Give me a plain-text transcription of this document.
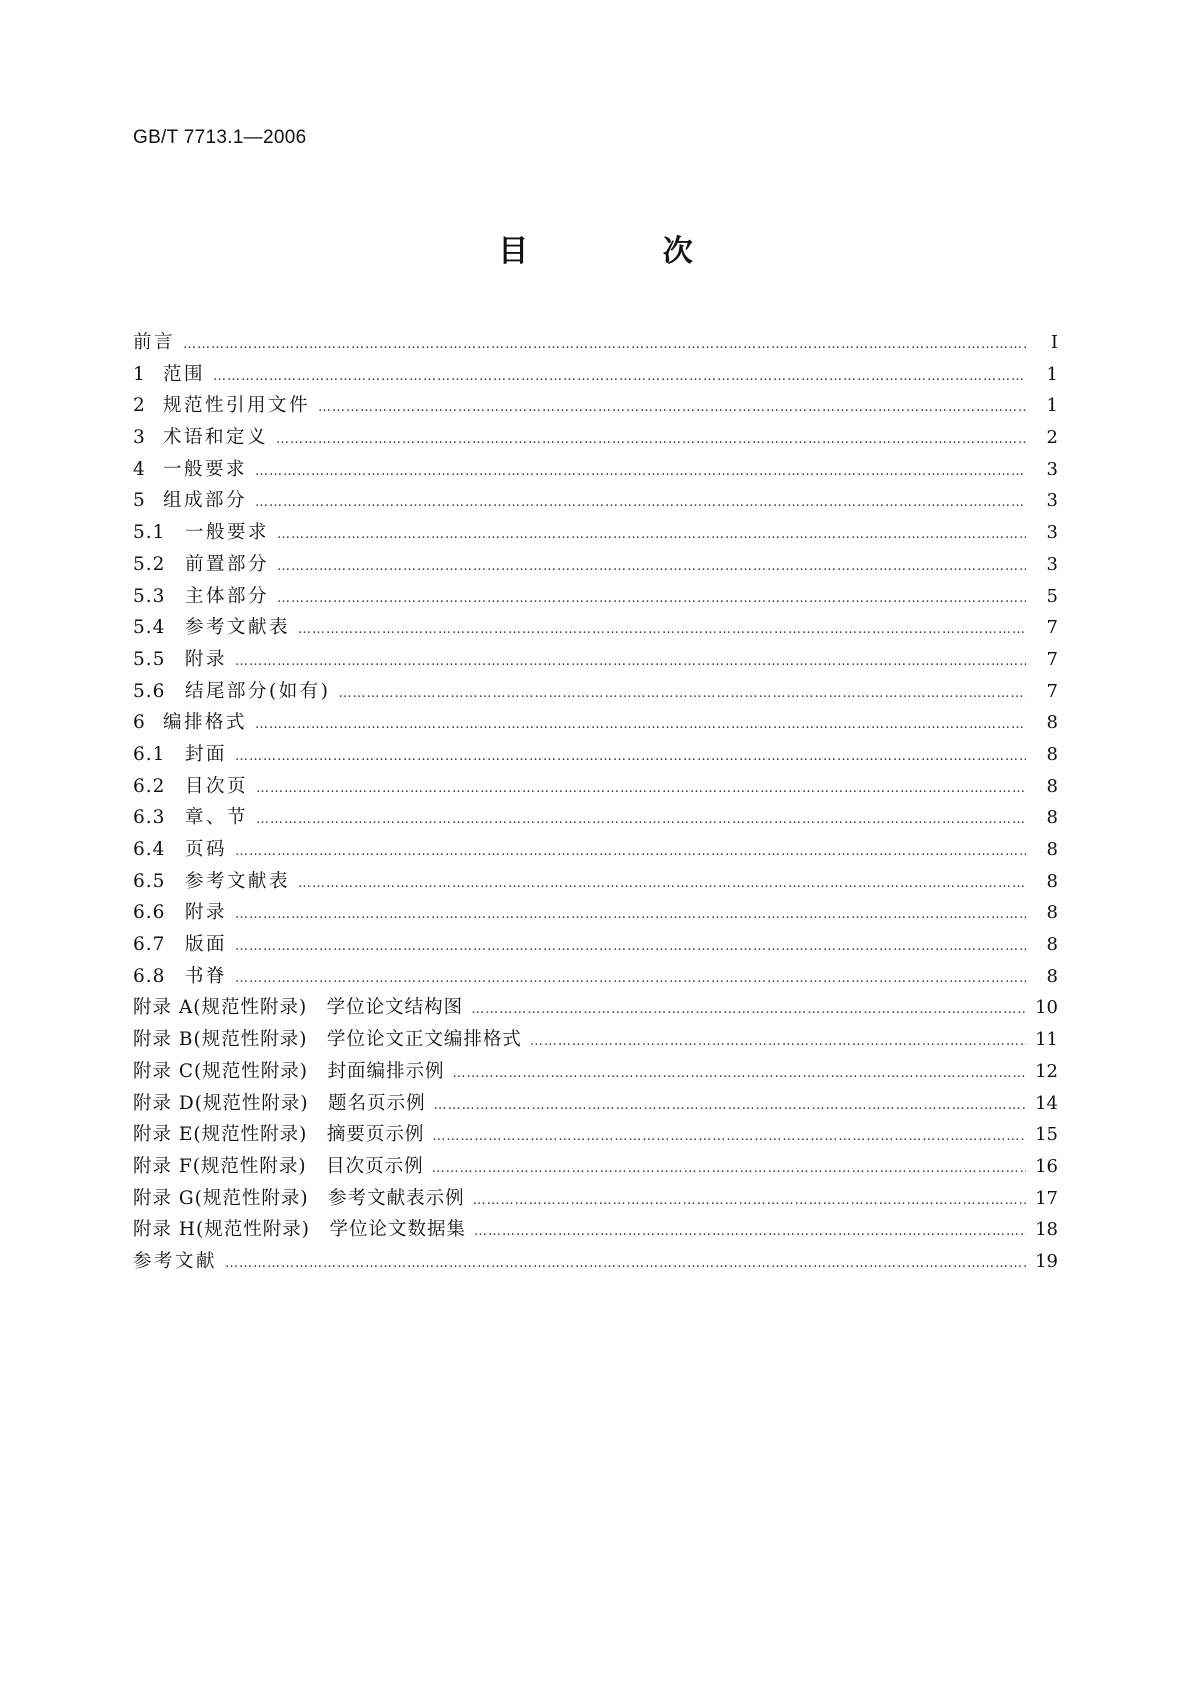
GB/T 7713.1—2006
目 次
前言 ………………………………………………………………………………………………………………………………………………………………………………………………………………………………	Ⅰ
1 范围 ………………………………………………………………………………………………………………………………………………………………………………………………………………………………	1
2 规范性引用文件 ………………………………………………………………………………………………………………………………………………………………………………………………………………………………	1
3 术语和定义 ………………………………………………………………………………………………………………………………………………………………………………………………………………………………	2
4 一般要求 ………………………………………………………………………………………………………………………………………………………………………………………………………………………………	3
5 组成部分 ………………………………………………………………………………………………………………………………………………………………………………………………………………………………	3
5.1	一般要求 ………………………………………………………………………………………………………………………………………………………………………………………………………………………………	3
5.2	前置部分 ………………………………………………………………………………………………………………………………………………………………………………………………………………………………	3
5.3	主体部分 ………………………………………………………………………………………………………………………………………………………………………………………………………………………………	5
5.4	参考文献表 ………………………………………………………………………………………………………………………………………………………………………………………………………………………………	7
5.5	附录 ………………………………………………………………………………………………………………………………………………………………………………………………………………………………	7
5.6	结尾部分(如有) ………………………………………………………………………………………………………………………………………………………………………………………………………………………………	7
6 编排格式 ………………………………………………………………………………………………………………………………………………………………………………………………………………………………	8
6.1	封面 ………………………………………………………………………………………………………………………………………………………………………………………………………………………………	8
6.2	目次页 ………………………………………………………………………………………………………………………………………………………………………………………………………………………………	8
6.3	章、节 ………………………………………………………………………………………………………………………………………………………………………………………………………………………………	8
6.4	页码 ………………………………………………………………………………………………………………………………………………………………………………………………………………………………	8
6.5	参考文献表 ………………………………………………………………………………………………………………………………………………………………………………………………………………………………	8
6.6	附录 ………………………………………………………………………………………………………………………………………………………………………………………………………………………………	8
6.7	版面 ………………………………………………………………………………………………………………………………………………………………………………………………………………………………	8
6.8	书脊 ………………………………………………………………………………………………………………………………………………………………………………………………………………………………	8
附录 A(规范性附录)　学位论文结构图 ………………………………………………………………………………………………………………………………………………………………………………………………………………………………	10
附录 B(规范性附录)　学位论文正文编排格式 ………………………………………………………………………………………………………………………………………………………………………………………………………………………………	11
附录 C(规范性附录)　封面编排示例 ………………………………………………………………………………………………………………………………………………………………………………………………………………………………	12
附录 D(规范性附录)　题名页示例 ………………………………………………………………………………………………………………………………………………………………………………………………………………………………	14
附录 E(规范性附录)　摘要页示例 ………………………………………………………………………………………………………………………………………………………………………………………………………………………………	15
附录 F(规范性附录)　目次页示例 ………………………………………………………………………………………………………………………………………………………………………………………………………………………………	16
附录 G(规范性附录)　参考文献表示例 ………………………………………………………………………………………………………………………………………………………………………………………………………………………………	17
附录 H(规范性附录)　学位论文数据集 ………………………………………………………………………………………………………………………………………………………………………………………………………………………………	18
参考文献 ………………………………………………………………………………………………………………………………………………………………………………………………………………………………	19
